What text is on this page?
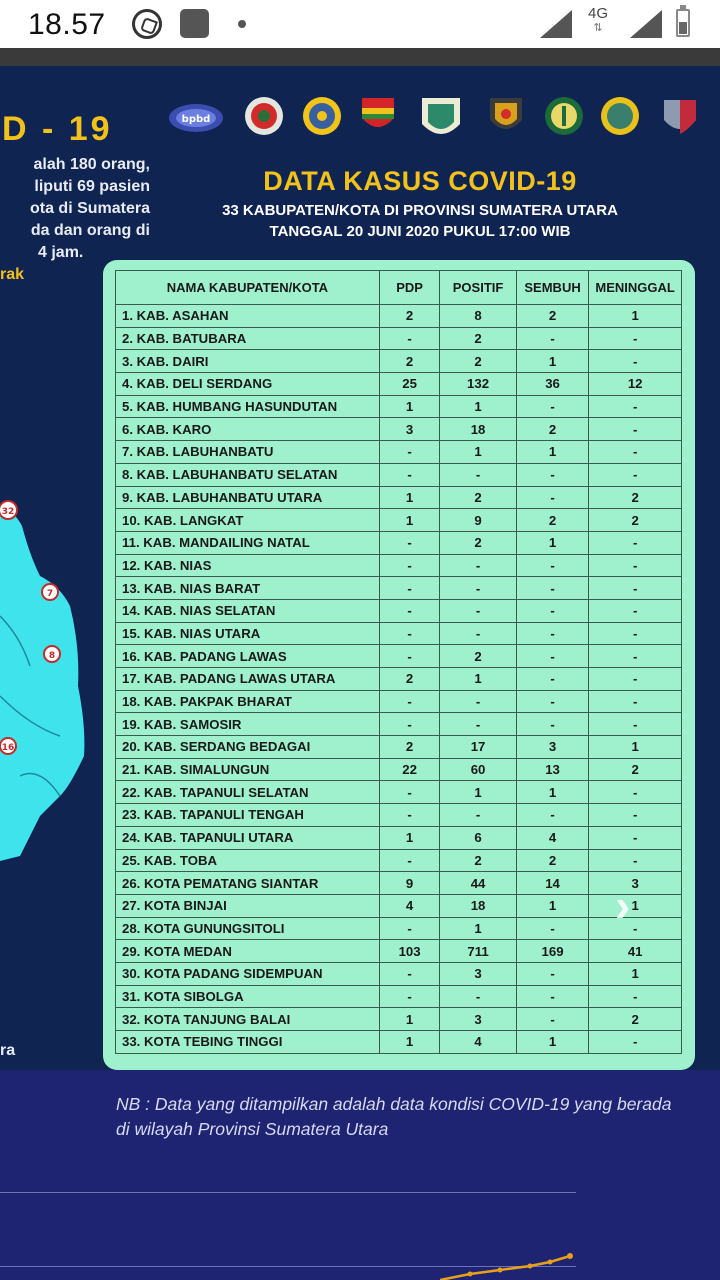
18.57	4G
⇅
D - 19
alah 180 orang,
liputi 69 pasien
ota di Sumatera
da dan orang di
4 jam.
rak
bpbd
32
7
8
16
ra
DATA KASUS COVID-19
33 KABUPATEN/KOTA DI PROVINSI SUMATERA UTARA
TANGGAL 20 JUNI 2020 PUKUL 17:00 WIB
NAMA KABUPATEN/KOTA	PDP	POSITIF	SEMBUH	MENINGGAL
1. KAB. ASAHAN	2	8	2	1
2. KAB. BATUBARA	-	2	-	-
3. KAB. DAIRI	2	2	1	-
4. KAB. DELI SERDANG	25	132	36	12
5. KAB. HUMBANG HASUNDUTAN	1	1	-	-
6. KAB. KARO	3	18	2	-
7. KAB. LABUHANBATU	-	1	1	-
8. KAB. LABUHANBATU SELATAN	-	-	-	-
9. KAB. LABUHANBATU UTARA	1	2	-	2
10. KAB. LANGKAT	1	9	2	2
11. KAB. MANDAILING NATAL	-	2	1	-
12. KAB. NIAS	-	-	-	-
13. KAB. NIAS BARAT	-	-	-	-
14. KAB. NIAS SELATAN	-	-	-	-
15. KAB. NIAS UTARA	-	-	-	-
16. KAB. PADANG LAWAS	-	2	-	-
17. KAB. PADANG LAWAS UTARA	2	1	-	-
18. KAB. PAKPAK BHARAT	-	-	-	-
19. KAB. SAMOSIR	-	-	-	-
20. KAB. SERDANG BEDAGAI	2	17	3	1
21. KAB. SIMALUNGUN	22	60	13	2
22. KAB. TAPANULI SELATAN	-	1	1	-
23. KAB. TAPANULI TENGAH	-	-	-	-
24. KAB. TAPANULI UTARA	1	6	4	-
25. KAB. TOBA	-	2	2	-
26. KOTA PEMATANG SIANTAR	9	44	14	3
27. KOTA BINJAI	4	18	1	1
28. KOTA GUNUNGSITOLI	-	1	-	-
29. KOTA MEDAN	103	711	169	41
30. KOTA PADANG SIDEMPUAN	-	3	-	1
31. KOTA SIBOLGA	-	-	-	-
32. KOTA TANJUNG BALAI	1	3	-	2
33. KOTA TEBING TINGGI	1	4	1	-
›
NB : Data yang ditampilkan adalah data kondisi COVID-19 yang berada di wilayah Provinsi Sumatera Utara
